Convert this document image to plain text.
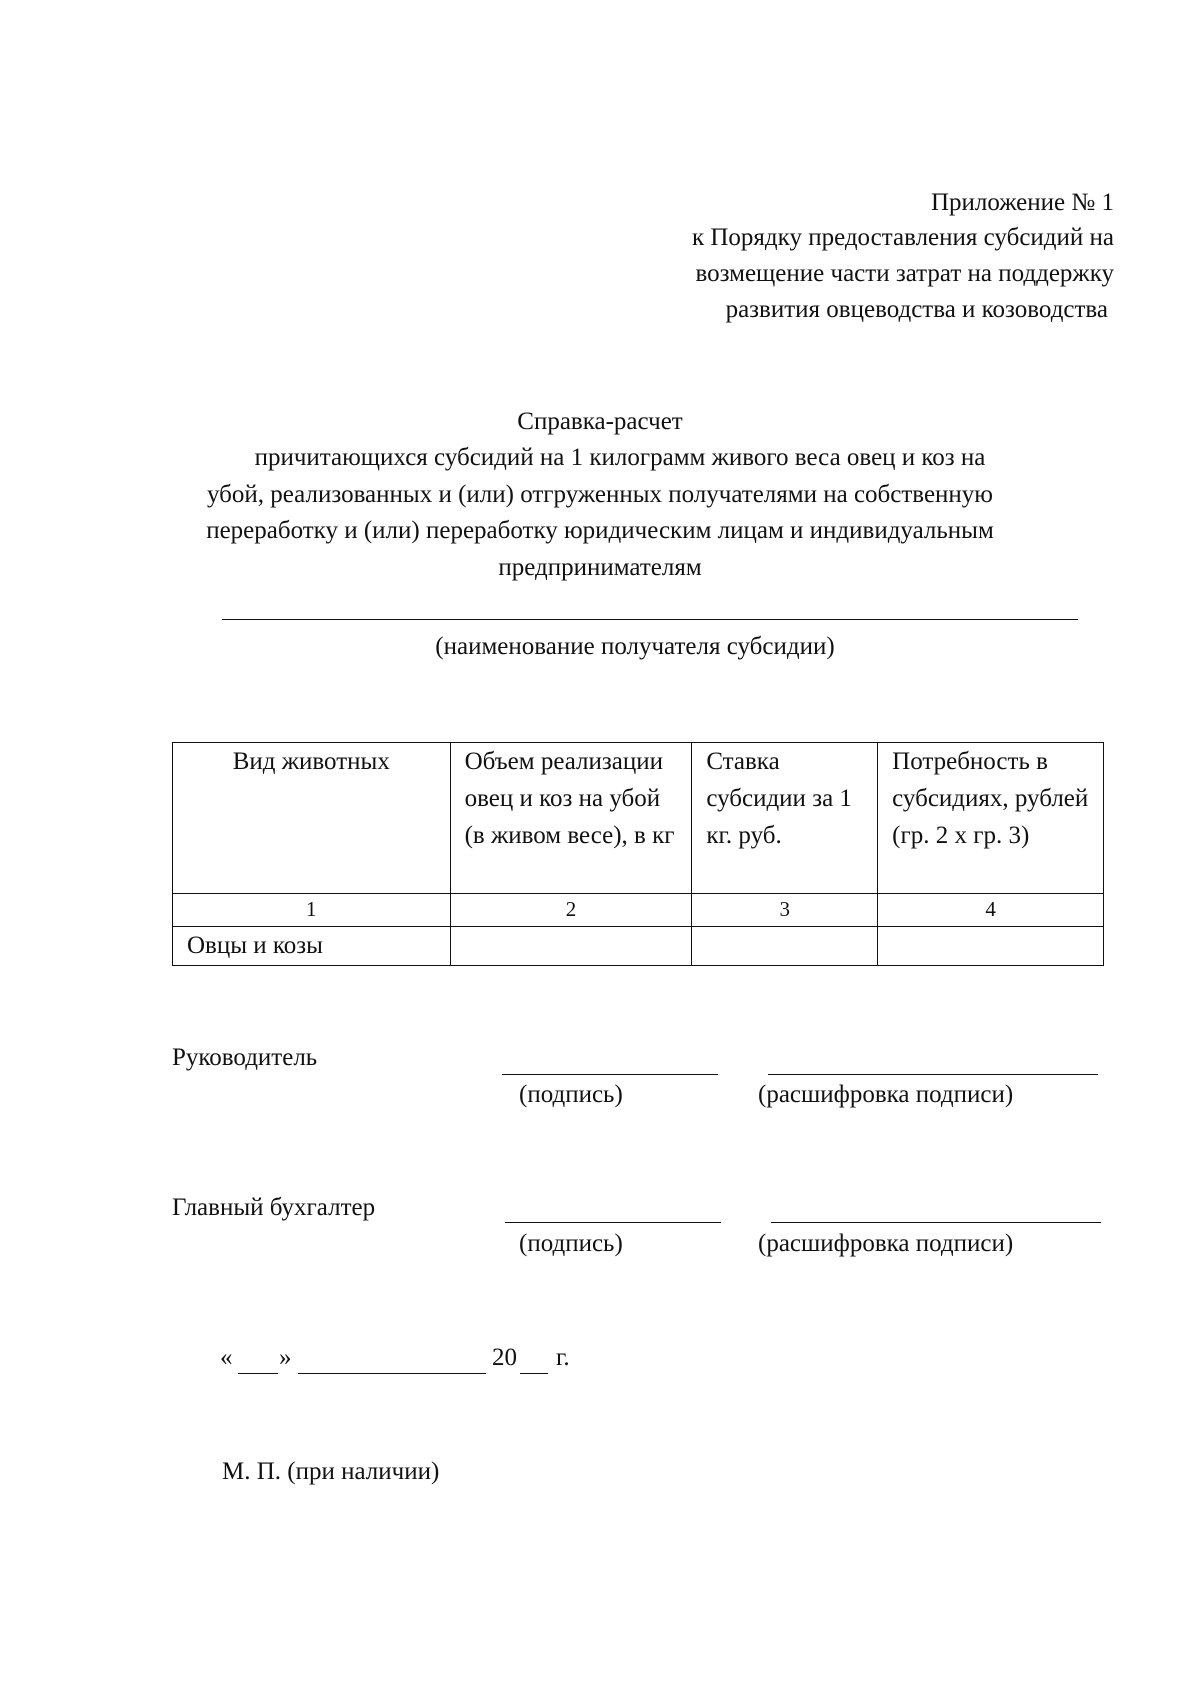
Приложение № 1
к Порядку предоставления субсидий на
возмещение части затрат на поддержку
развития овцеводства и козоводства
Справка-расчет
причитающихся субсидий на 1 килограмм живого веса овец и коз на
убой, реализованных и (или) отгруженных получателями на собственную
переработку и (или) переработку юридическим лицам и индивидуальным
предпринимателям
(наименование получателя субсидии)
Вид животных	Объем реализации овец и коз на убой (в живом весе), в кг	Ставка субсидии за 1 кг. руб.	Потребность в субсидиях, рублей (гр. 2 х гр. 3)
1	2	3	4
Овцы и козы			
Руководитель
(подпись)	(расшифровка подписи)
Главный бухгалтер
(подпись)	(расшифровка подписи)
« »	20 г.
М. П. (при наличии)
